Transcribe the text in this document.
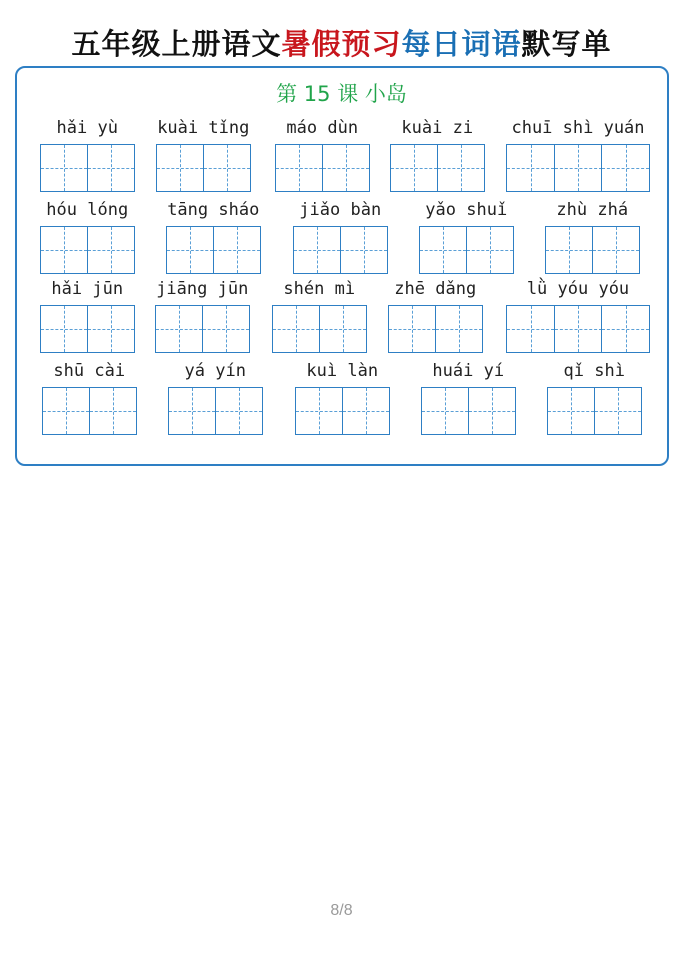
五年级上册语文暑假预习每日词语默写单
第 15 课 小岛
hǎi yù	kuài tǐng	máo dùn	kuài zi	chuī shì yuán
hóu lóng	tāng sháo	jiǎo bàn	yǎo shuǐ	zhù zhá
hǎi jūn	jiāng jūn	shén mì	zhē dǎng	lǜ yóu yóu
shū cài	yá yín	kuì làn	huái yí	qǐ shì
8/8
